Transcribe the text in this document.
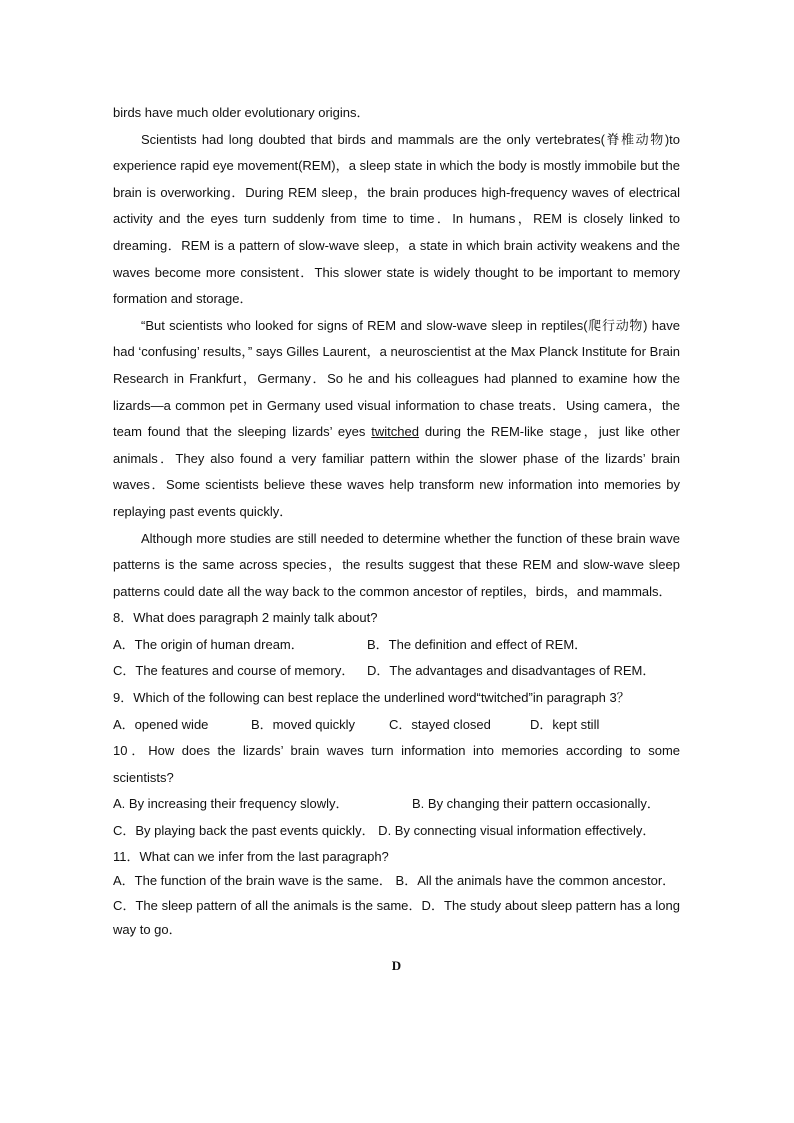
birds have much older evolutionary origins．

Scientists had long doubted that birds and mammals are the only vertebrates(脊椎动物)to experience rapid eye movement(REM)，a sleep state in which the body is mostly immobile but the brain is overworking．During REM sleep，the brain produces high-frequency waves of electrical activity and the eyes turn suddenly from time to time．In humans，REM is closely linked to dreaming．REM is a pattern of slow-wave sleep，a state in which brain activity weakens and the waves become more consistent．This slower state is widely thought to be important to memory formation and storage．

“But scientists who looked for signs of REM and slow-wave sleep in reptiles(爬行动物) have had ‘confusing’ results，” says Gilles Laurent，a neuroscientist at the Max Planck Institute for Brain Research in Frankfurt，Germany．So he and his colleagues had planned to examine how the lizards—a common pet in Germany used visual information to chase treats．Using camera，the team found that the sleeping lizards’ eyes twitched during the REM-like stage，just like other animals．They also found a very familiar pattern within the slower phase of the lizards’ brain waves．Some scientists believe these waves help transform new information into memories by replaying past events quickly．

Although more studies are still needed to determine whether the function of these brain wave patterns is the same across species，the results suggest that these REM and slow-wave sleep patterns could date all the way back to the common ancestor of reptiles，birds，and mammals．

8．What does paragraph 2 mainly talk about?

A．The origin of human dream．	B．The definition and effect of REM．
C．The features and course of memory． D．The advantages and disadvantages of REM．

9．Which of the following can best replace the underlined word“twitched”in paragraph 3？

A．opened wide	B．moved quickly	C．stayed closed	D．kept still

10．How does the lizards’ brain waves turn information into memories according to some scientists?

A. By increasing their frequency slowly．	B. By changing their pattern occasionally．

C．By playing back the past events quickly． D. By connecting visual information effectively．

11．What can we infer from the last paragraph?

A．The function of the brain wave is the same． B．All the animals have the common ancestor．

C．The sleep pattern of all the animals is the same．D．The study about sleep pattern has a long way to go．

D
